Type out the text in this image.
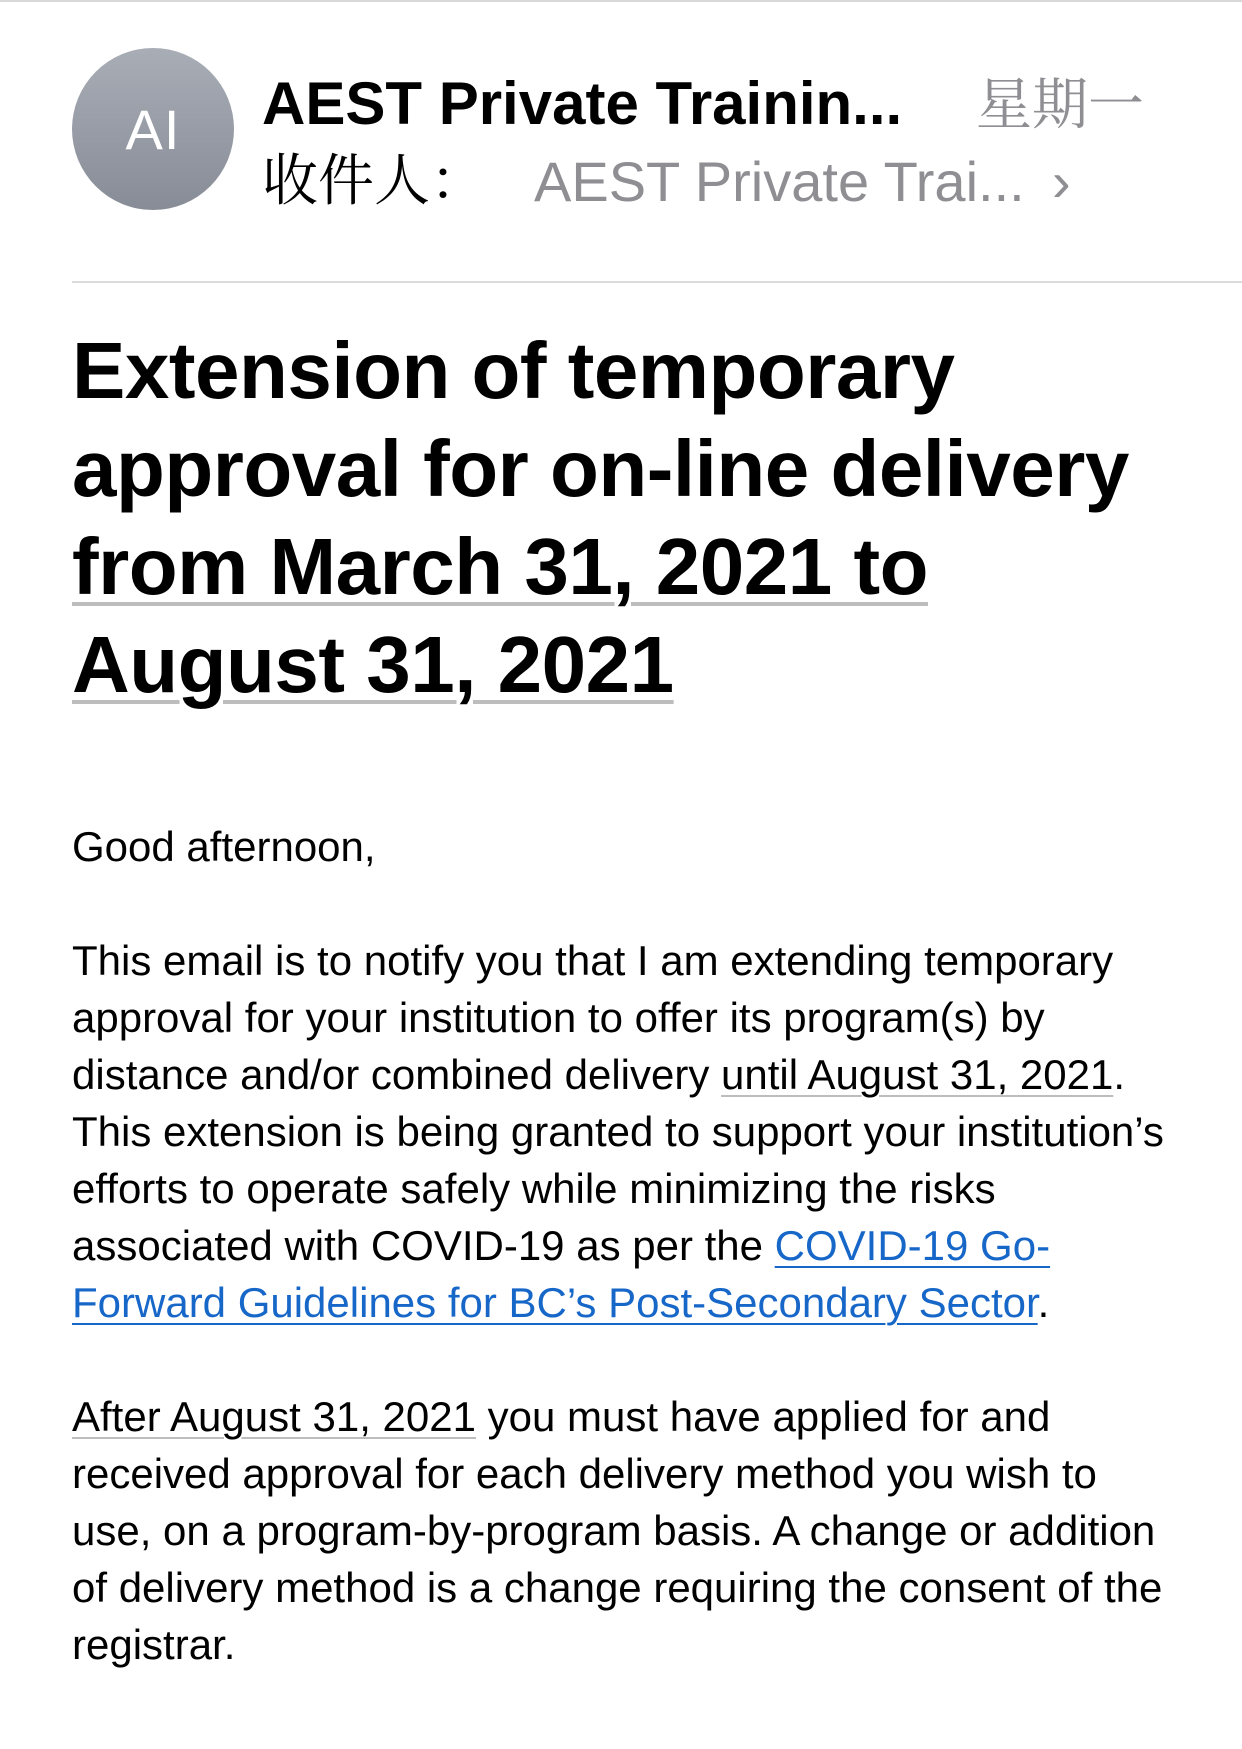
AI AEST Private Trainin...	星期一
收件人： AEST Private Trai... ›
Extension of temporary approval for on-line delivery from March 31, 2021 to August 31, 2021

Good afternoon,

This email is to notify you that I am extending temporary approval for your institution to offer its program(s) by distance and/or combined delivery until August 31, 2021. This extension is being granted to support your institution’s efforts to operate safely while minimizing the risks associated with COVID-19 as per the COVID-19 Go-Forward Guidelines for BC’s Post-Secondary Sector.

After August 31, 2021 you must have applied for and received approval for each delivery method you wish to use, on a program-by-program basis. A change or addition of delivery method is a change requiring the consent of the registrar.
